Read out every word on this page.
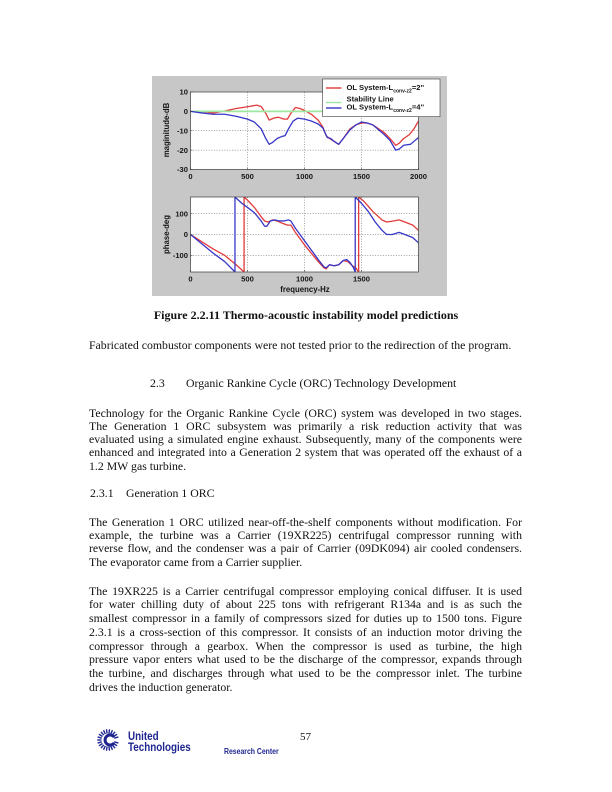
10
0
-10
-20
-30
0	500	1000	1500	2000
maginitude-dB
OL System-$L_{conv-z2}=2''$
Stability Line
OL System-$L_{conv-z2}=4''$
100
0
-100
0	500	1000	1500
phase-deg
frequency-Hz
Figure 2.2.11 Thermo-acoustic instability model predictions
Fabricated combustor components were not tested prior to the redirection of the program.
2.3 Organic Rankine Cycle (ORC) Technology Development
Technology for the Organic Rankine Cycle (ORC) system was developed in two stages.
The Generation 1 ORC subsystem was primarily a risk reduction activity that was
evaluated using a simulated engine exhaust. Subsequently, many of the components were
enhanced and integrated into a Generation 2 system that was operated off the exhaust of a
1.2 MW gas turbine.
2.3.1 Generation 1 ORC
The Generation 1 ORC utilized near-off-the-shelf components without modification. For
example, the turbine was a Carrier (19XR225) centrifugal compressor running with
reverse flow, and the condenser was a pair of Carrier (09DK094) air cooled condensers.
The evaporator came from a Carrier supplier.
The 19XR225 is a Carrier centrifugal compressor employing conical diffuser. It is used
for water chilling duty of about 225 tons with refrigerant R134a and is as such the
smallest compressor in a family of compressors sized for duties up to 1500 tons. Figure
2.3.1 is a cross-section of this compressor. It consists of an induction motor driving the
compressor through a gearbox. When the compressor is used as turbine, the high
pressure vapor enters what used to be the discharge of the compressor, expands through
the turbine, and discharges through what used to be the compressor inlet. The turbine
drives the induction generator.
United
Technologies	Research Center
57
